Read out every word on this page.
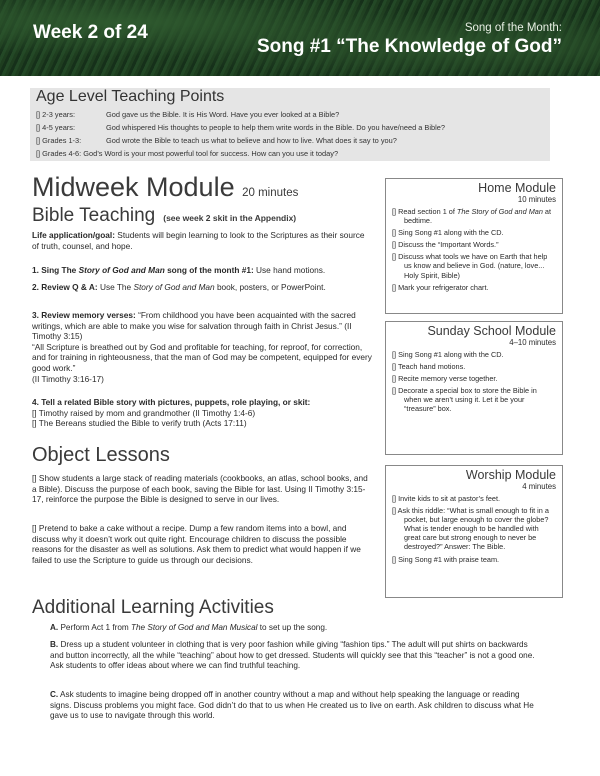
Week 2 of 24	Song of the Month:
Song #1 “The Knowledge of God”
Age Level Teaching Points
[] 2-3 years:	God gave us the Bible. It is His Word. Have you ever looked at a Bible?
[] 4-5 years:	God whispered His thoughts to people to help them write words in the Bible. Do you have/need a Bible?
[] Grades 1-3:	God wrote the Bible to teach us what to believe and how to live. What does it say to you?
[] Grades 4-6: God’s Word is your most powerful tool for success. How can you use it today?
Midweek Module 20 minutes
Bible Teaching (see week 2 skit in the Appendix)
Life application/goal: Students will begin learning to look to the Scriptures as their source of truth, counsel, and hope.
1. Sing The Story of God and Man song of the month #1: Use hand motions.
2. Review Q & A: Use The Story of God and Man book, posters, or PowerPoint.
3. Review memory verses: “From childhood you have been acquainted with the sacred writings, which are able to make you wise for salvation through faith in Christ Jesus.” (II Timothy 3:15)
“All Scripture is breathed out by God and profitable for teaching, for reproof, for correction, and for training in righteousness, that the man of God may be competent, equipped for every good work.”
(II Timothy 3:16-17)
4. Tell a related Bible story with pictures, puppets, role playing, or skit:
[] Timothy raised by mom and grandmother (II Timothy 1:4-6)
[] The Bereans studied the Bible to verify truth (Acts 17:11)
Object Lessons
[] Show students a large stack of reading materials (cookbooks, an atlas, school books, and a Bible). Discuss the purpose of each book, saving the Bible for last. Using II Timothy 3:15-17, reinforce the purpose the Bible is designed to serve in our lives.
[] Pretend to bake a cake without a recipe. Dump a few random items into a bowl, and discuss why it doesn’t work out quite right. Encourage children to discuss the possible reasons for the disaster as well as solutions. Ask them to predict what would happen if we failed to use the Scripture to guide us through our decisions.
Additional Learning Activities
A. Perform Act 1 from The Story of God and Man Musical to set up the song.
B. Dress up a student volunteer in clothing that is very poor fashion while giving “fashion tips.” The adult will put shirts on backwards and button incorrectly, all the while “teaching” about how to get dressed. Students will quickly see that this “teacher” is not a good one. Ask students to offer ideas about where we can find truthful teaching.
C. Ask students to imagine being dropped off in another country without a map and without help speaking the language or reading signs. Discuss problems you might face. God didn’t do that to us when He created us to live on earth. Ask children to discuss what He gave us to use to navigate through this world.
Home Module
10 minutes
[] Read section 1 of The Story of God and Man at bedtime.
[] Sing Song #1 along with the CD.
[] Discuss the “Important Words.”
[] Discuss what tools we have on Earth that help us know and believe in God. (nature, love... Holy Spirit, Bible)
[] Mark your refrigerator chart.
Sunday School Module
4–10 minutes
[] Sing Song #1 along with the CD.
[] Teach hand motions.
[] Recite memory verse together.
[] Decorate a special box to store the Bible in when we aren’t using it. Let it be your “treasure” box.
Worship Module
4 minutes
[] Invite kids to sit at pastor’s feet.
[] Ask this riddle: “What is small enough to fit in a pocket, but large enough to cover the globe? What is tender enough to be handled with great care but strong enough to never be destroyed?” Answer: The Bible.
[] Sing Song #1 with praise team.
